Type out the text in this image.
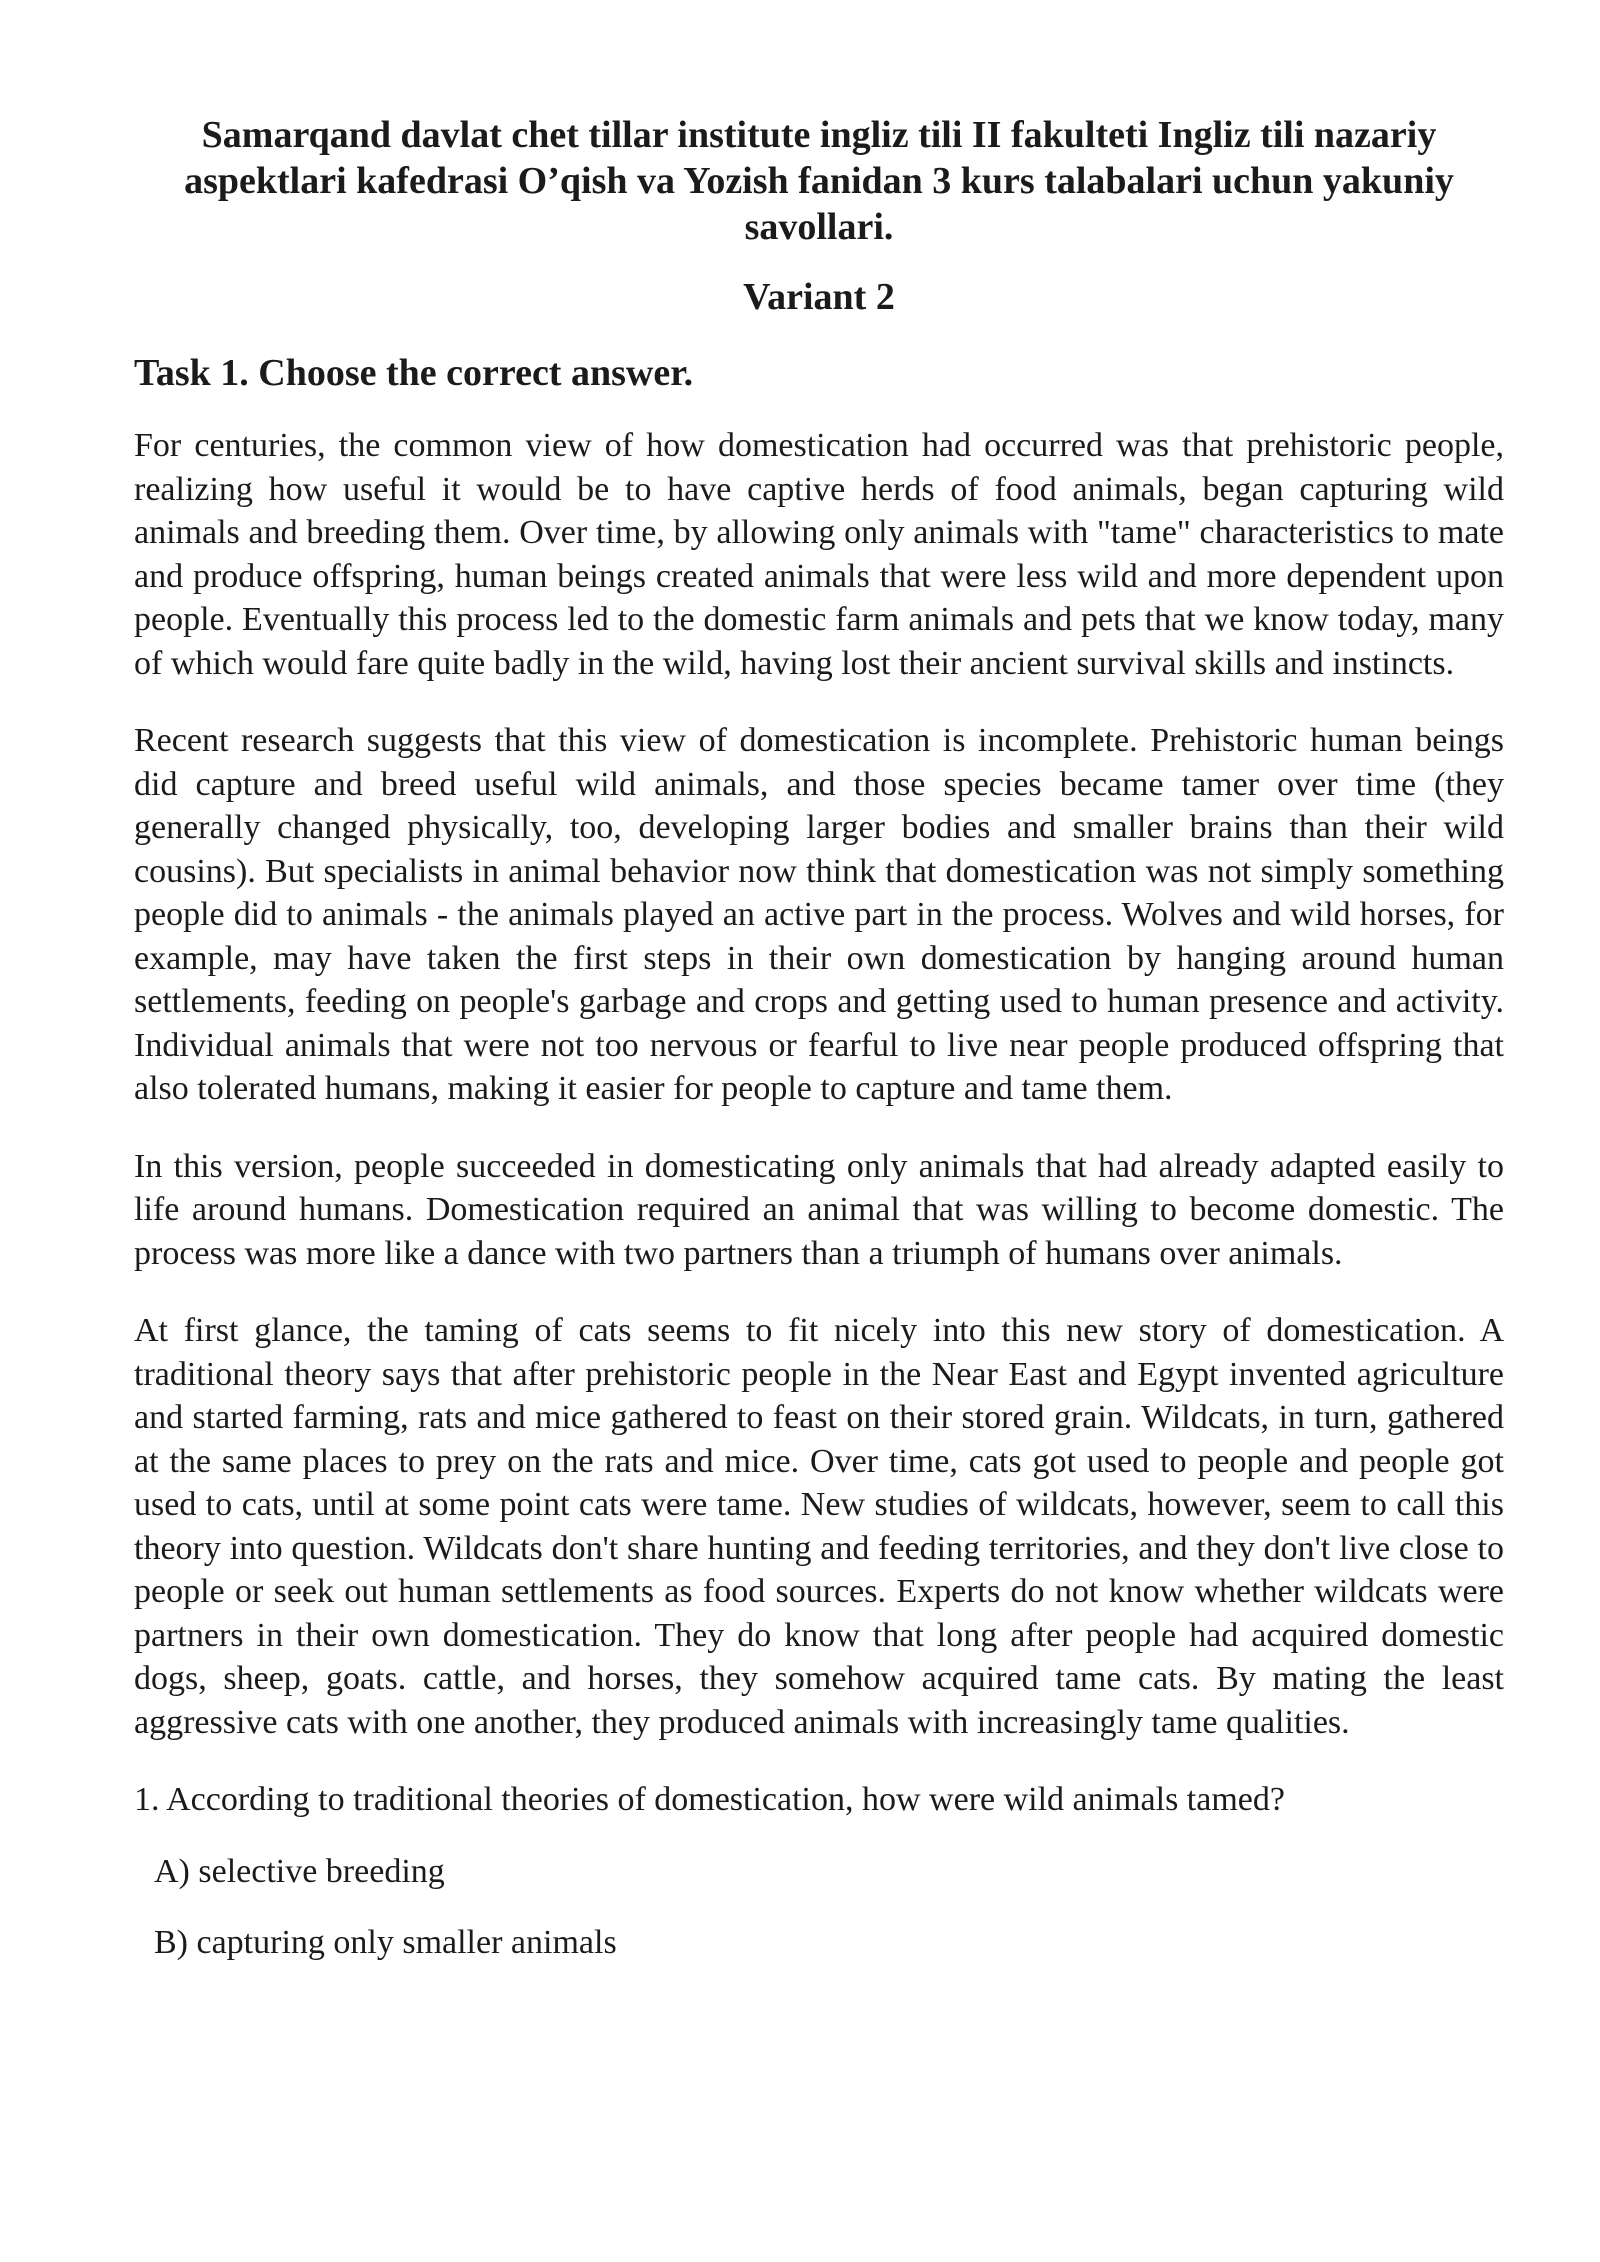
Samarqand davlat chet tillar institute ingliz tili II fakulteti Ingliz tili nazariy aspektlari kafedrasi O’qish va Yozish fanidan 3 kurs talabalari uchun yakuniy savollari.
Variant 2
Task 1. Choose the correct answer.

For centuries, the common view of how domestication had occurred was that prehistoric people, realizing how useful it would be to have captive herds of food animals, began capturing wild animals and breeding them. Over time, by allowing only animals with "tame" characteristics to mate and produce offspring, human beings created animals that were less wild and more dependent upon people. Eventually this process led to the domestic farm animals and pets that we know today, many of which would fare quite badly in the wild, having lost their ancient survival skills and instincts.

Recent research suggests that this view of domestication is incomplete. Prehistoric human beings did capture and breed useful wild animals, and those species became tamer over time (they generally changed physically, too, developing larger bodies and smaller brains than their wild cousins). But specialists in animal behavior now think that domestication was not simply something people did to animals - the animals played an active part in the process. Wolves and wild horses, for example, may have taken the first steps in their own domestication by hanging around human settlements, feeding on people's garbage and crops and getting used to human presence and activity. Individual animals that were not too nervous or fearful to live near people produced offspring that also tolerated humans, making it easier for people to capture and tame them.

In this version, people succeeded in domesticating only animals that had already adapted easily to life around humans. Domestication required an animal that was willing to become domestic. The process was more like a dance with two partners than a triumph of humans over animals.

At first glance, the taming of cats seems to fit nicely into this new story of domestication. A traditional theory says that after prehistoric people in the Near East and Egypt invented agriculture and started farming, rats and mice gathered to feast on their stored grain. Wildcats, in turn, gathered at the same places to prey on the rats and mice. Over time, cats got used to people and people got used to cats, until at some point cats were tame. New studies of wildcats, however, seem to call this theory into question. Wildcats don't share hunting and feeding territories, and they don't live close to people or seek out human settlements as food sources. Experts do not know whether wildcats were partners in their own domestication. They do know that long after people had acquired domestic dogs, sheep, goats. cattle, and horses, they somehow acquired tame cats. By mating the least aggressive cats with one another, they produced animals with increasingly tame qualities.

1. According to traditional theories of domestication, how were wild animals tamed?
A) selective breeding
B) capturing only smaller animals
